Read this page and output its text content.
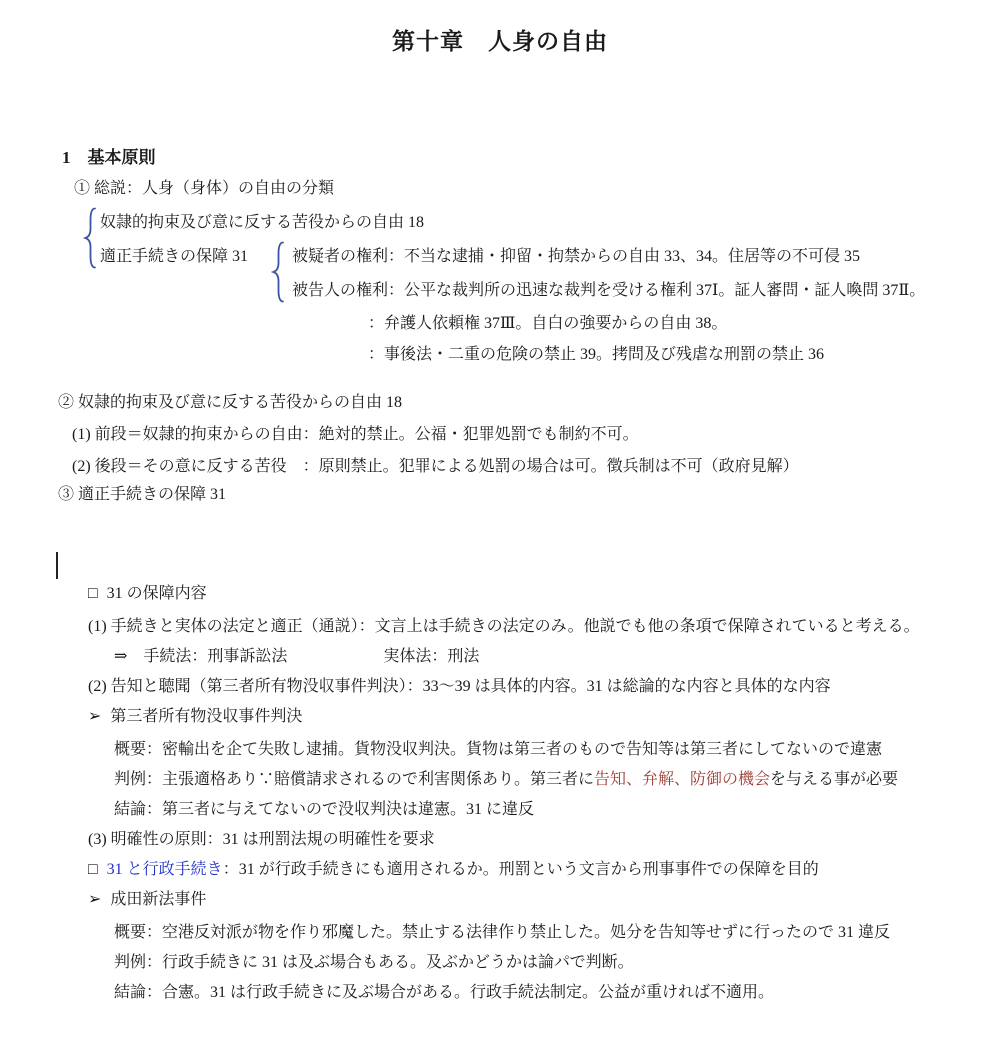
第十章　人身の自由
1　基本原則
① 総説：人身（身体）の自由の分類
奴隷的拘束及び意に反する苦役からの自由 18
適正手続きの保障 31	被疑者の権利：不当な逮捕・抑留・拘禁からの自由 33、34。住居等の不可侵 35
被告人の権利：公平な裁判所の迅速な裁判を受ける権利 37Ⅰ。証人審問・証人喚問 37Ⅱ。
：弁護人依頼権 37Ⅲ。自白の強要からの自由 38。
：事後法・二重の危険の禁止 39。拷問及び残虐な刑罰の禁止 36
② 奴隷的拘束及び意に反する苦役からの自由 18
(1) 前段＝奴隷的拘束からの自由：絶対的禁止。公福・犯罪処罰でも制約不可。
(2) 後段＝その意に反する苦役　：原則禁止。犯罪による処罰の場合は可。徴兵制は不可（政府見解）
③ 適正手続きの保障 31
□ 31 の保障内容
(1) 手続きと実体の法定と適正（通説）：文言上は手続きの法定のみ。他説でも他の条項で保障されていると考える。
⇒　手続法：刑事訴訟法　　　　　　実体法：刑法
(2) 告知と聴聞（第三者所有物没収事件判決）：33〜39 は具体的内容。31 は総論的な内容と具体的な内容
➢ 第三者所有物没収事件判決
概要：密輸出を企て失敗し逮捕。貨物没収判決。貨物は第三者のもので告知等は第三者にしてないので違憲
判例：主張適格あり∵賠償請求されるので利害関係あり。第三者に告知、弁解、防御の機会を与える事が必要
結論：第三者に与えてないので没収判決は違憲。31 に違反
(3) 明確性の原則：31 は刑罰法規の明確性を要求
□ 31 と行政手続き：31 が行政手続きにも適用されるか。刑罰という文言から刑事事件での保障を目的
➢ 成田新法事件
概要：空港反対派が物を作り邪魔した。禁止する法律作り禁止した。処分を告知等せずに行ったので 31 違反
判例：行政手続きに 31 は及ぶ場合もある。及ぶかどうかは論パで判断。
結論：合憲。31 は行政手続きに及ぶ場合がある。行政手続法制定。公益が重ければ不適用。
